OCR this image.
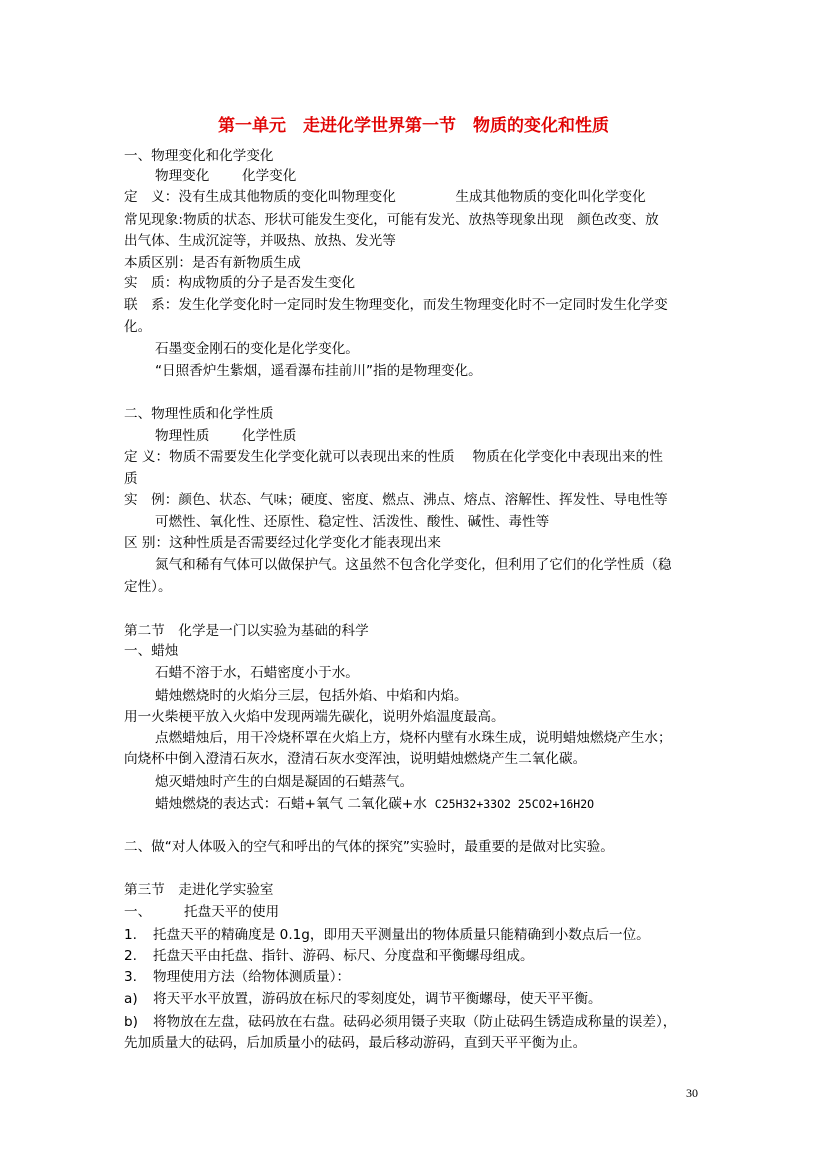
第一单元　走进化学世界第一节　物质的变化和性质
一、物理变化和化学变化
物理变化 化学变化
定　义：没有生成其他物质的变化叫物理变化	生成其他物质的变化叫化学变化
常见现象:物质的状态、形状可能发生变化，可能有发光、放热等现象出现　颜色改变、放
出气体、生成沉淀等，并吸热、放热、发光等
本质区别：是否有新物质生成
实　质：构成物质的分子是否发生变化
联　系：发生化学变化时一定同时发生物理变化，而发生物理变化时不一定同时发生化学变
化。
石墨变金刚石的变化是化学变化。
“日照香炉生紫烟，遥看瀑布挂前川”指的是物理变化。
二、物理性质和化学性质
物理性质 化学性质
定 义：物质不需要发生化学变化就可以表现出来的性质　 物质在化学变化中表现出来的性
质
实　例：颜色、状态、气味；硬度、密度、燃点、沸点、熔点、溶解性、挥发性、导电性等
可燃性、氧化性、还原性、稳定性、活泼性、酸性、碱性、毒性等
区 别：这种性质是否需要经过化学变化才能表现出来
氮气和稀有气体可以做保护气。这虽然不包含化学变化，但利用了它们的化学性质（稳
定性）。
第二节　化学是一门以实验为基础的科学
一、蜡烛
石蜡不溶于水，石蜡密度小于水。
蜡烛燃烧时的火焰分三层，包括外焰、中焰和内焰。
用一火柴梗平放入火焰中发现两端先碳化，说明外焰温度最高。
点燃蜡烛后，用干冷烧杯罩在火焰上方，烧杯内壁有水珠生成，说明蜡烛燃烧产生水；
向烧杯中倒入澄清石灰水，澄清石灰水变浑浊，说明蜡烛燃烧产生二氧化碳。
熄灭蜡烛时产生的白烟是凝固的石蜡蒸气。
蜡烛燃烧的表达式：石蜡+氧气 二氧化碳+水 C25H32+33O2 25CO2+16H2O
二、做“对人体吸入的空气和呼出的气体的探究”实验时，最重要的是做对比实验。
第三节　走进化学实验室
一、 托盘天平的使用
1. 托盘天平的精确度是 0.1g，即用天平测量出的物体质量只能精确到小数点后一位。
2. 托盘天平由托盘、指针、游码、标尺、分度盘和平衡螺母组成。
3. 物理使用方法（给物体测质量）：
a) 将天平水平放置，游码放在标尺的零刻度处，调节平衡螺母，使天平平衡。
b) 将物放在左盘，砝码放在右盘。砝码必须用镊子夹取（防止砝码生锈造成称量的误差），
先加质量大的砝码，后加质量小的砝码，最后移动游码，直到天平平衡为止。
30
